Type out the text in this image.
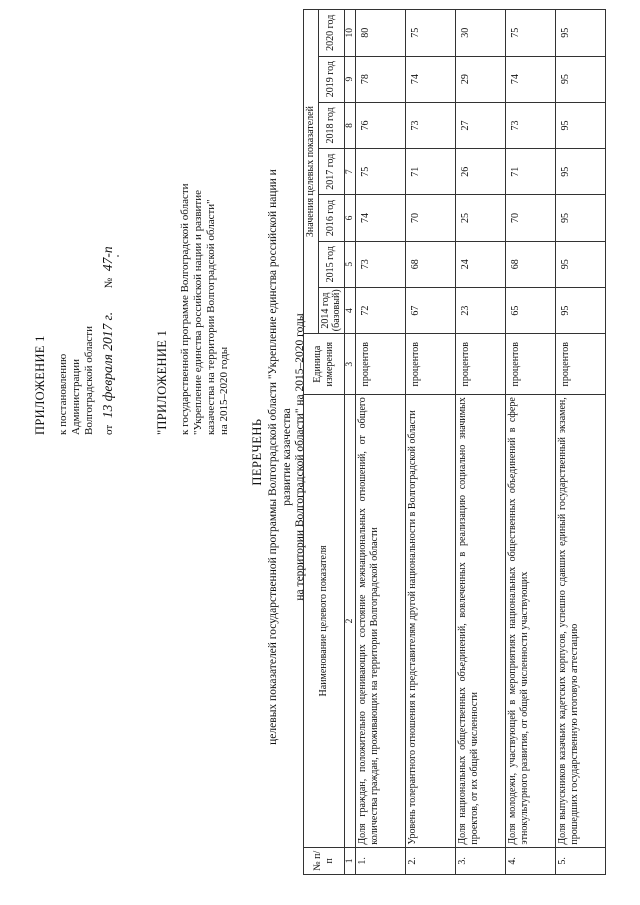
ПРИЛОЖЕНИЕ 1 к постановлению Администрации Волгоградской области от 13 февраля 2017 г.  № 47-п
"ПРИЛОЖЕНИЕ 1 к государственной программе Волгоградской области "Укрепление единства российской нации и развитие казачества на территории Волгоградской области" на 2015–2020 годы
ПЕРЕЧЕНЬ целевых показателей государственной программы Волгоградской области "Укрепление единства российской нации и развитие казачества на территории Волгоградской области" на 2015–2020 годы
№ п/п	Наименование целевого показателя	Единица измерения	Значения целевых показателей						
			2014 год (базовый)	2015 год	2016 год	2017 год	2018 год	2019 год	2020 год
1	2	3	4	5	6	7	8	9	10
1.	Доля граждан, положительно оценивающих состояние межнациональных отношений, от общего количества граждан, проживающих на территории Волгоградской области	процентов	72	73	74	75	76	78	80
2.	Уровень толерантного отношения к представителям другой национальности в Волгоградской области	процентов	67	68	70	71	73	74	75
3.	Доля национальных общественных объединений, вовлеченных в реализацию социально значимых проектов, от их общей численности	процентов	23	24	25	26	27	29	30
4.	Доля молодежи, участвующей в мероприятиях национальных общественных объединений в сфере этнокультурного развития, от общей численности участвующих	процентов	65	68	70	71	73	74	75
5.	Доля выпускников казачьих кадетских корпусов, успешно сдавших единый государственный экзамен, прошедших государственную итоговую аттестацию	процентов	95	95	95	95	95	95	95
